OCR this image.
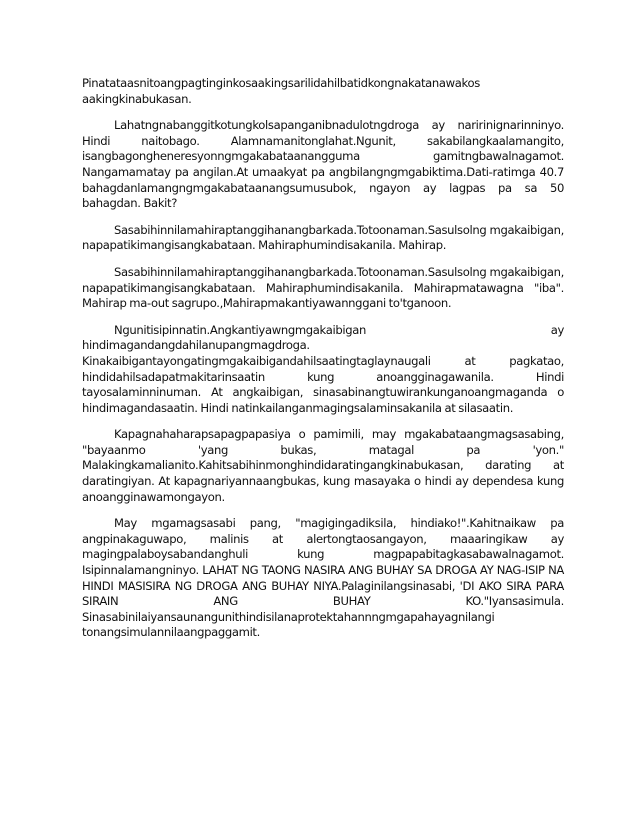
Pinatataasnitoangpagtinginkosaakingsarilidahilbatidkongnakatanawakos aakingkinabukasan.

Lahatngnabanggitkotungkolsapanganibnadulotngdroga ay naririnignarinninyo. Hindi naitobago. Alamnamanitonglahat.Ngunit, sakabilangkaalamangito, isangbagongheneresyonngmgakabataanangguma gamitngbawalnagamot. Nangamamatay pa angilan.At umaakyat pa angbilangngmgabiktima.Dati-ratimga 40.7 bahagdanlamangngmgakabataanangsumusubok, ngayon ay lagpas pa sa 50 bahagdan. Bakit?

Sasabihinnilamahiraptanggihanangbarkada.Totoonaman.Sasulsolng mgakaibigan, napapatikimangisangkabataan. Mahiraphumindisakanila. Mahirap.

Sasabihinnilamahiraptanggihanangbarkada.Totoonaman.Sasulsolng mgakaibigan, napapatikimangisangkabataan. Mahiraphumindisakanila. Mahirapmatawagna "iba". Mahirap ma-out sagrupo.,Mahirapmakantiyawannggani to'tganoon.

Ngunitisipinnatin.Angkantiyawngmgakaibigan ay hindimagandangdahilanupangmagdroga. Kinakaibigantayongatingmgakaibigandahilsaatingtaglaynaugali at pagkatao, hindidahilsadapatmakitarinsaatin kung anoangginagawanila. Hindi tayosalaminninuman. At angkaibigan, sinasabinangtuwirankunganoangmaganda o hindimagandasaatin. Hindi natinkailanganmagingsalaminsakanila at silasaatin.

Kapagnahaharapsapagpapasiya o pamimili, may mgakabataangmagsasabing, "bayaanmo 'yang bukas, matagal pa 'yon." Malakingkamalianito.Kahitsabihinmonghindidaratingangkinabukasan, darating at daratingiyan. At kapagnariyannaangbukas, kung masayaka o hindi ay dependesa kung anoangginawamongayon.

May mgamagsasabi pang, "magigingadiksila, hindiako!".Kahitnaikaw pa angpinakaguwapo, malinis at alertongtaosangayon, maaaringikaw ay magingpalaboysabandanghuli kung magpapabitagkasabawalnagamot. Isipinnalamangninyo. LAHAT NG TAONG NASIRA ANG BUHAY SA DROGA AY NAG-ISIP NA HINDI MASISIRA NG DROGA ANG BUHAY NIYA.Palaginilangsinasabi, 'DI AKO SIRA PARA SIRAIN ANG BUHAY KO."Iyansasimula. Sinasabinilaiyansaunangunithindisilanaprotektahannngmgapahayagnilangi tonangsimulannilaangpaggamit.
